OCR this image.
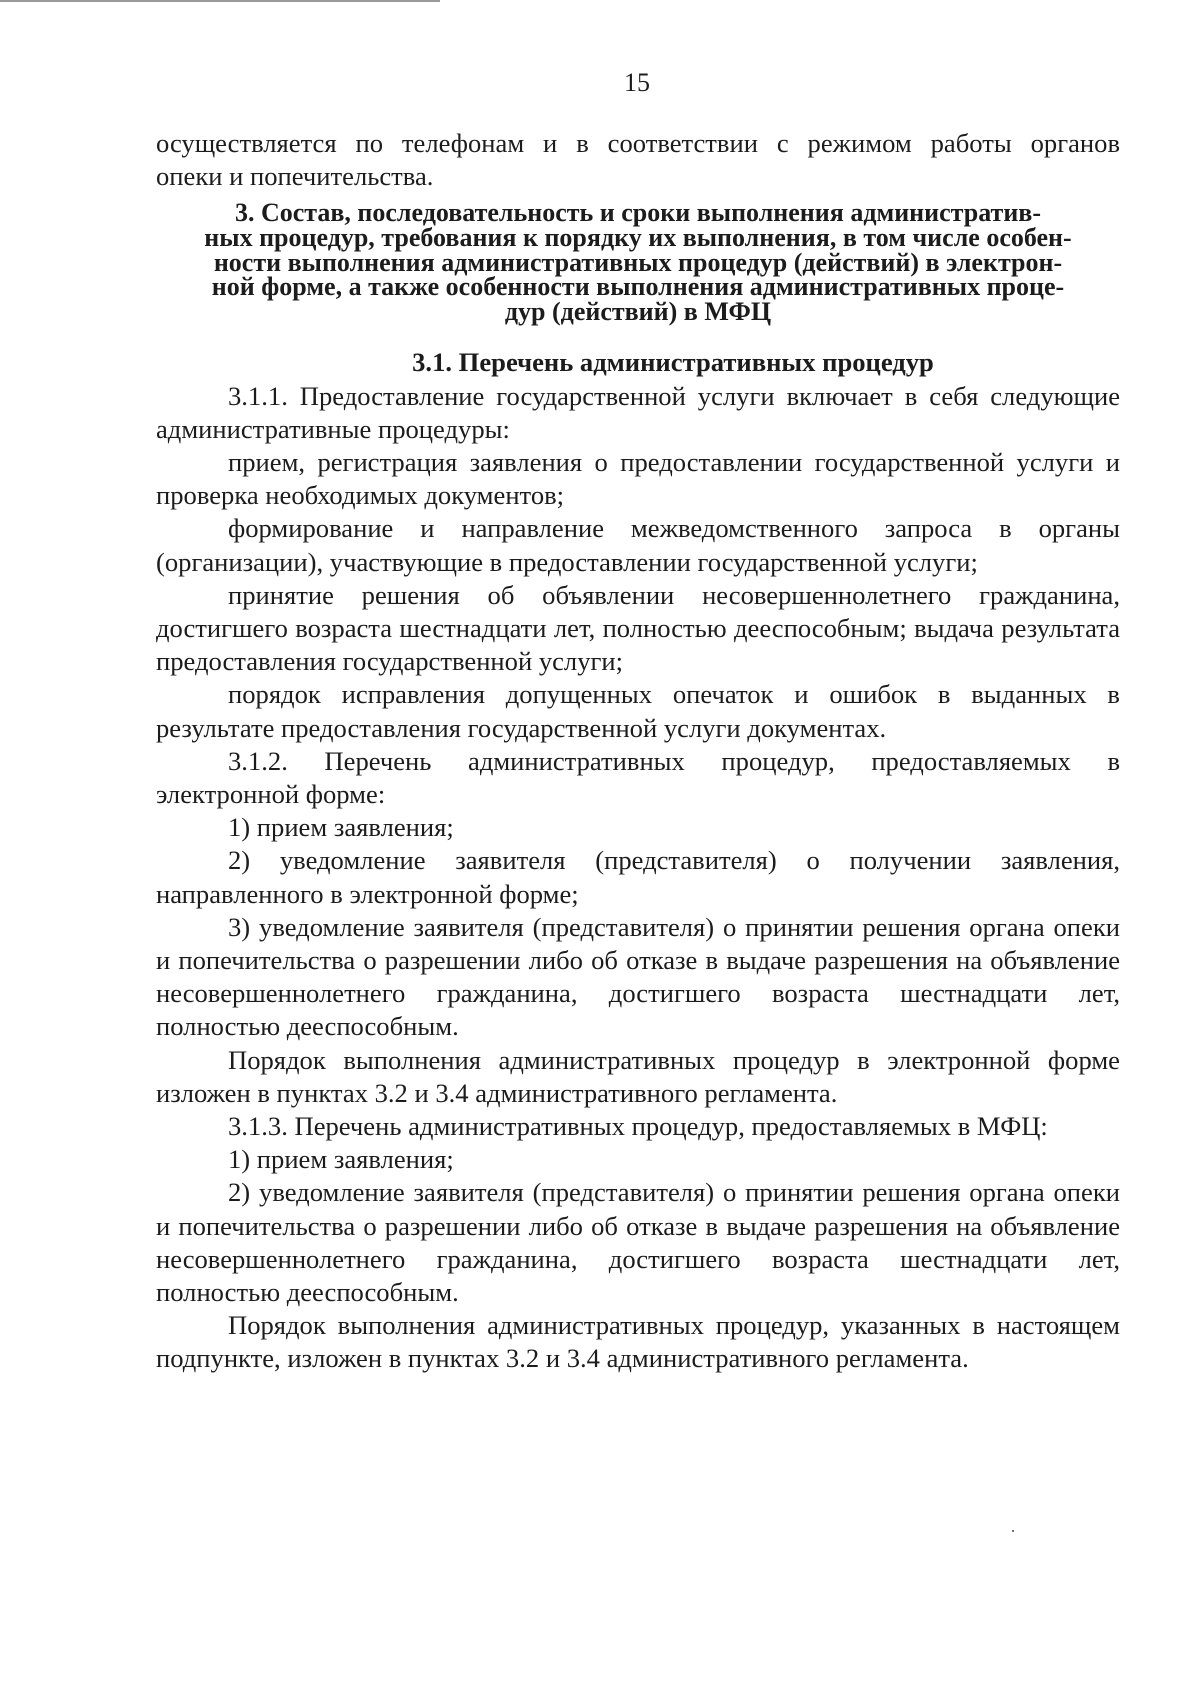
15

осуществляется по телефонам и в соответствии с режимом работы органов

опеки и попечительства.

3. Состав, последовательность и сроки выполнения административ-
ных процедур, требования к порядку их выполнения, в том числе особен-
ности выполнения административных процедур (действий) в электрон-
ной форме, а также особенности выполнения административных проце-
дур (действий) в МФЦ
3.1. Перечень административных процедур

3.1.1. Предоставление государственной услуги включает в себя следующие административные процедуры:

прием, регистрация заявления о предоставлении государственной услуги и проверка необходимых документов;

формирование и направление межведомственного запроса в органы (организации), участвующие в предоставлении государственной услуги;

принятие решения об объявлении несовершеннолетнего гражданина, достигшего возраста шестнадцати лет, полностью дееспособным; выдача результата предоставления государственной услуги;

порядок исправления допущенных опечаток и ошибок в выданных в результате предоставления государственной услуги документах.

3.1.2. Перечень административных процедур, предоставляемых в электронной форме:

1) прием заявления;

2) уведомление заявителя (представителя) о получении заявления, направленного в электронной форме;

3) уведомление заявителя (представителя) о принятии решения органа опеки и попечительства о разрешении либо об отказе в выдаче разрешения на объявление несовершеннолетнего гражданина, достигшего возраста шестнадцати лет, полностью дееспособным.

Порядок выполнения административных процедур в электронной форме изложен в пунктах 3.2 и 3.4 административного регламента.

3.1.3. Перечень административных процедур, предоставляемых в МФЦ:

1) прием заявления;

2) уведомление заявителя (представителя) о принятии решения органа опеки и попечительства о разрешении либо об отказе в выдаче разрешения на объявление несовершеннолетнего гражданина, достигшего возраста шестнадцати лет, полностью дееспособным.

Порядок выполнения административных процедур, указанных в настоящем подпункте, изложен в пунктах 3.2 и 3.4 административного регламента.
